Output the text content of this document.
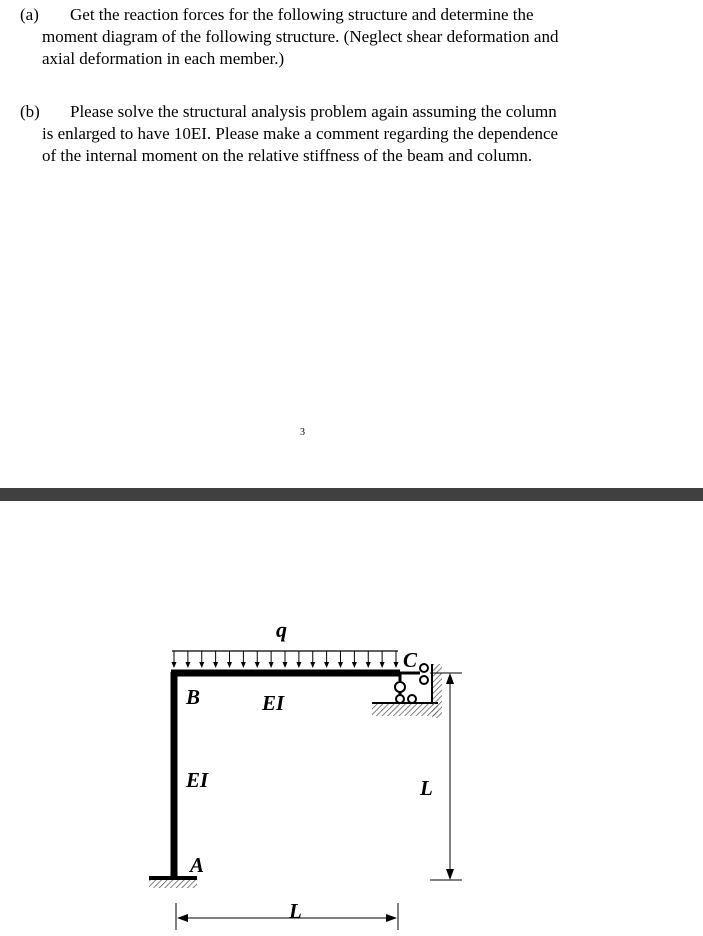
(a) Get the reaction forces for the following structure and determine the
moment diagram of the following structure. (Neglect shear deformation and
axial deformation in each member.)
(b) Please solve the structural analysis problem again assuming the column
is enlarged to have 10EI. Please make a comment regarding the dependence
of the internal moment on the relative stiffness of the beam and column.
3
q
B	EI
C
EI
A
L
L
